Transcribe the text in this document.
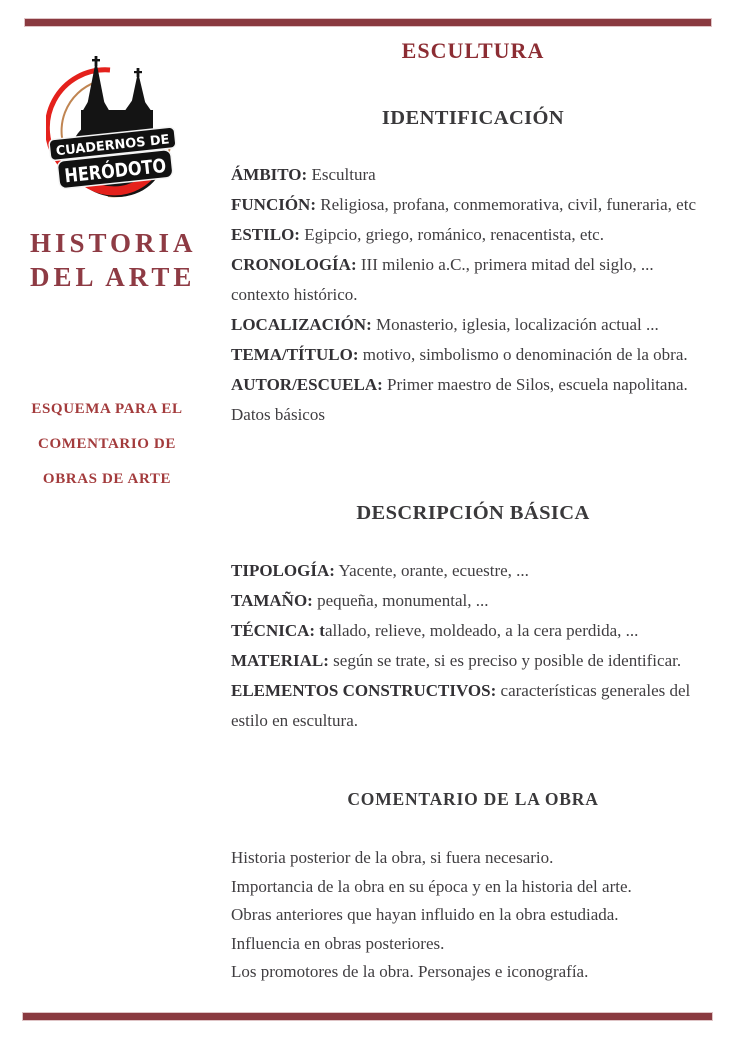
CUADERNOS DE
HERÓDOTO
HISTORIA
DEL ARTE
ESQUEMA PARA EL
COMENTARIO DE
OBRAS DE ARTE
ESCULTURA
IDENTIFICACIÓN

ÁMBITO: Escultura

FUNCIÓN: Religiosa, profana, conmemorativa, civil, funeraria, etc

ESTILO: Egipcio, griego, románico, renacentista, etc.

CRONOLOGÍA: III milenio a.C., primera mitad del siglo, ... contexto histórico.

LOCALIZACIÓN: Monasterio, iglesia, localización actual ...

TEMA/TÍTULO: motivo, simbolismo o denominación de la obra.

AUTOR/ESCUELA: Primer maestro de Silos, escuela napolitana. Datos básicos

DESCRIPCIÓN BÁSICA

TIPOLOGÍA: Yacente, orante, ecuestre, ...

TAMAÑO: pequeña, monumental, ...

TÉCNICA: tallado, relieve, moldeado, a la cera perdida, ...

MATERIAL: según se trate, si es preciso y posible de identificar.

ELEMENTOS CONSTRUCTIVOS: características generales del estilo en escultura.

COMENTARIO DE LA OBRA

Historia posterior de la obra, si fuera necesario.

Importancia de la obra en su época y en la historia del arte.

Obras anteriores que hayan influido en la obra estudiada.

Influencia en obras posteriores.

Los promotores de la obra. Personajes e iconografía.
